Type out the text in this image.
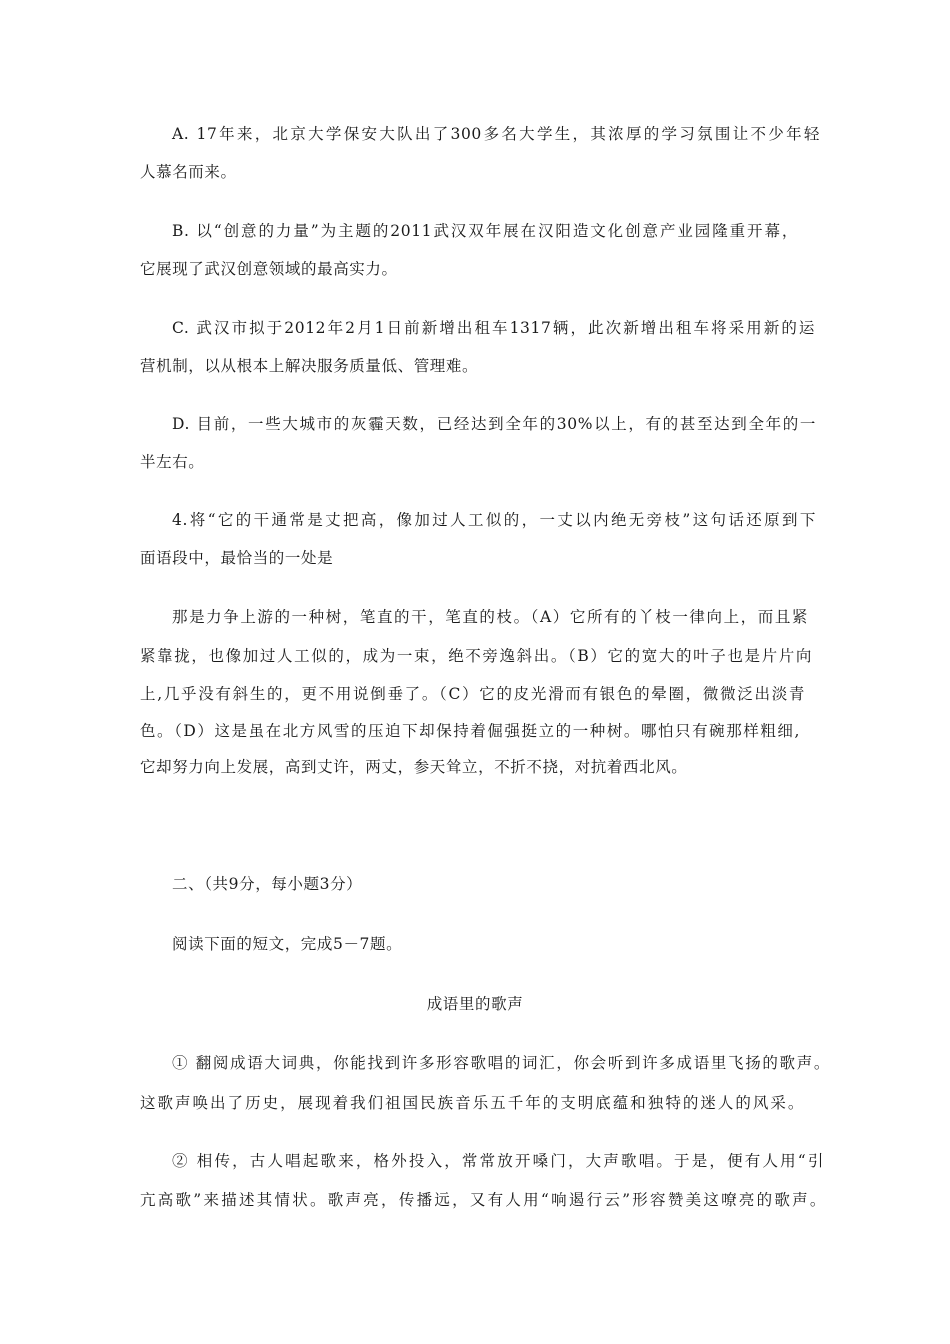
A. 17年来，北京大学保安大队出了300多名大学生，其浓厚的学习氛围让不少年轻
人慕名而来。
B. 以“创意的力量”为主题的2011武汉双年展在汉阳造文化创意产业园隆重开幕，
它展现了武汉创意领域的最高实力。
C. 武汉市拟于2012年2月1日前新增出租车1317辆，此次新增出租车将采用新的运
营机制，以从根本上解决服务质量低、管理难。
D. 目前，一些大城市的灰霾天数，已经达到全年的30%以上，有的甚至达到全年的一
半左右。
4.将“它的干通常是丈把高，像加过人工似的，一丈以内绝无旁枝”这句话还原到下
面语段中，最恰当的一处是
那是力争上游的一种树，笔直的干，笔直的枝。（A）它所有的丫枝一律向上，而且紧
紧靠拢，也像加过人工似的，成为一束，绝不旁逸斜出。（B）它的宽大的叶子也是片片向
上,几乎没有斜生的，更不用说倒垂了。（C）它的皮光滑而有银色的晕圈，微微泛出淡青
色。（D）这是虽在北方风雪的压迫下却保持着倔强挺立的一种树。哪怕只有碗那样粗细,
它却努力向上发展，高到丈许，两丈，参天耸立，不折不挠，对抗着西北风。
二、（共9分，每小题3分）
阅读下面的短文，完成5－7题。
成语里的歌声
① 翻阅成语大词典，你能找到许多形容歌唱的词汇，你会听到许多成语里飞扬的歌声。
这歌声唤出了历史，展现着我们祖国民族音乐五千年的支明底蕴和独特的迷人的风采。
② 相传，古人唱起歌来，格外投入，常常放开嗓门，大声歌唱。于是，便有人用“引
亢高歌”来描述其情状。歌声亮，传播远，又有人用“响遏行云”形容赞美这嘹亮的歌声。
